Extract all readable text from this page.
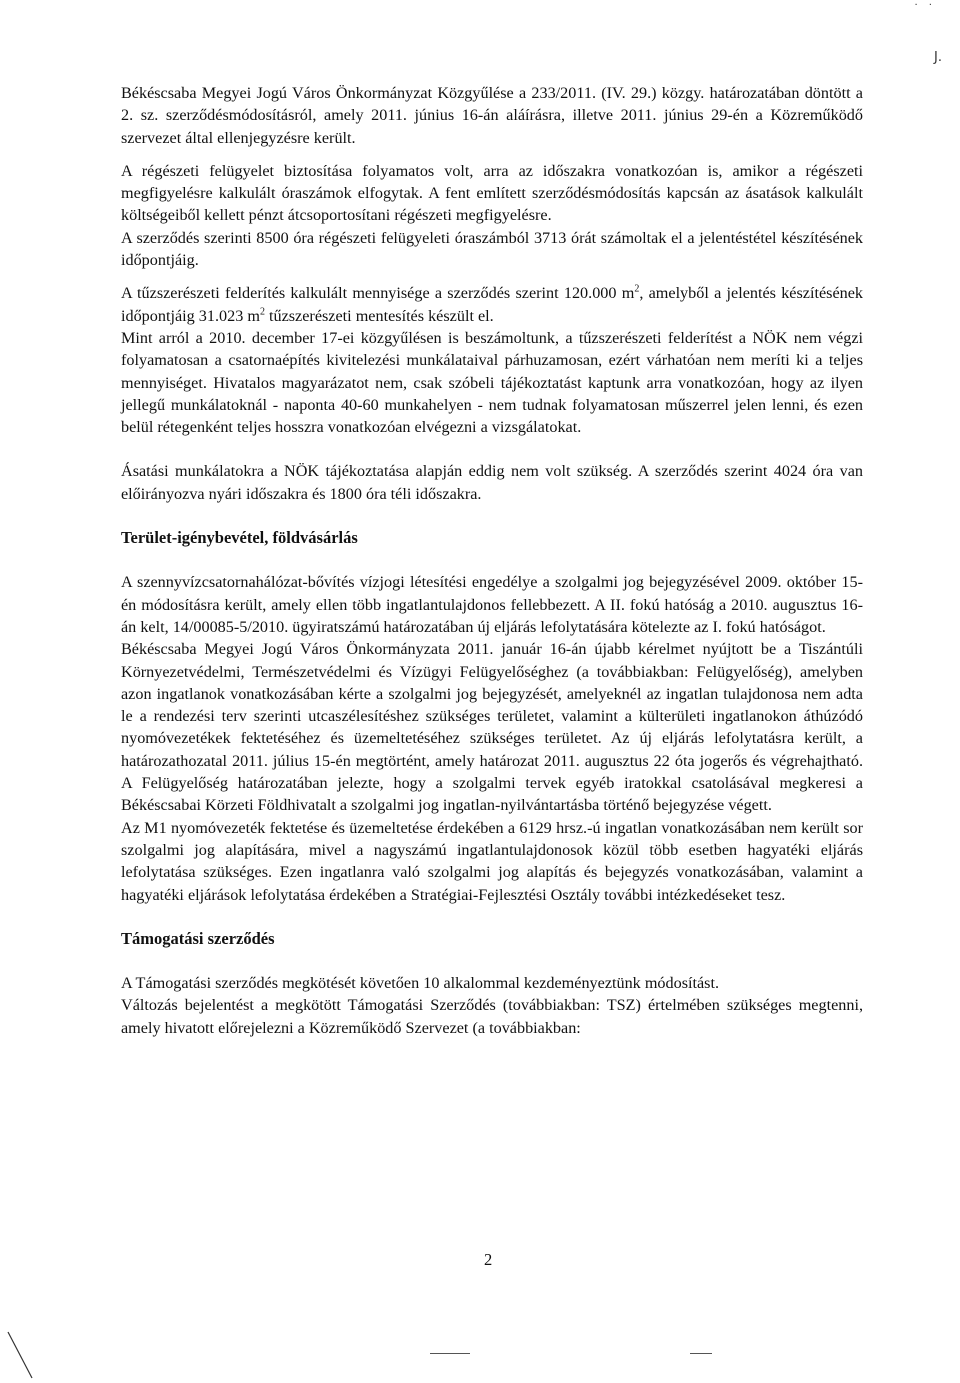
· ·
J.

Békéscsaba Megyei Jogú Város Önkormányzat Közgyűlése a 233/2011. (IV. 29.) közgy. határozatában döntött a 2. sz. szerződésmódosításról, amely 2011. június 16-án aláírásra, illetve 2011. június 29-én a Közreműködő szervezet által ellenjegyzésre került.

A régészeti felügyelet biztosítása folyamatos volt, arra az időszakra vonatkozóan is, amikor a régészeti megfigyelésre kalkulált óraszámok elfogytak. A fent említett szerződésmódosítás kapcsán az ásatások kalkulált költségeiből kellett pénzt átcsoportosítani régészeti megfigyelésre.

A szerződés szerinti 8500 óra régészeti felügyeleti óraszámból 3713 órát számoltak el a jelentéstétel készítésének időpontjáig.

A tűzszerészeti felderítés kalkulált mennyisége a szerződés szerint 120.000 $m^2$, amelyből a jelentés készítésének időpontjáig 31.023 $m^2$ tűzszerészeti mentesítés készült el.

Mint arról a 2010. december 17-ei közgyűlésen is beszámoltunk, a tűzszerészeti felderítést a NÖK nem végzi folyamatosan a csatornaépítés kivitelezési munkálataival párhuzamosan, ezért várhatóan nem meríti ki a teljes mennyiséget. Hivatalos magyarázatot nem, csak szóbeli tájékoztatást kaptunk arra vonatkozóan, hogy az ilyen jellegű munkálatoknál - naponta 40-60 munkahelyen - nem tudnak folyamatosan műszerrel jelen lenni, és ezen belül rétegenként teljes hosszra vonatkozóan elvégezni a vizsgálatokat.

Ásatási munkálatokra a NÖK tájékoztatása alapján eddig nem volt szükség. A szerződés szerint 4024 óra van előirányozva nyári időszakra és 1800 óra téli időszakra.

Terület-igénybevétel, földvásárlás

A szennyvízcsatornahálózat-bővítés vízjogi létesítési engedélye a szolgalmi jog bejegyzésével 2009. október 15-én módosításra került, amely ellen több ingatlantulajdonos fellebbezett. A II. fokú hatóság a 2010. augusztus 16-án kelt, 14/00085-5/2010. ügyiratszámú határozatában új eljárás lefolytatására kötelezte az I. fokú hatóságot.

Békéscsaba Megyei Jogú Város Önkormányzata 2011. január 16-án újabb kérelmet nyújtott be a Tiszántúli Környezetvédelmi, Természetvédelmi és Vízügyi Felügyelőséghez (a továbbiakban: Felügyelőség), amelyben azon ingatlanok vonatkozásában kérte a szolgalmi jog bejegyzését, amelyeknél az ingatlan tulajdonosa nem adta le a rendezési terv szerinti utcaszélesítéshez szükséges területet, valamint a külterületi ingatlanokon áthúzódó nyomóvezetékek fektetéséhez és üzemeltetéséhez szükséges területet. Az új eljárás lefolytatásra került, a határozathozatal 2011. július 15-én megtörtént, amely határozat 2011. augusztus 22 óta jogerős és végrehajtható. A Felügyelőség határozatában jelezte, hogy a szolgalmi tervek egyéb iratokkal csatolásával megkeresi a Békéscsabai Körzeti Földhivatalt a szolgalmi jog ingatlan-nyilvántartásba történő bejegyzése végett.

Az M1 nyomóvezeték fektetése és üzemeltetése érdekében a 6129 hrsz.-ú ingatlan vonatkozásában nem került sor szolgalmi jog alapítására, mivel a nagyszámú ingatlantulajdonosok közül több esetben hagyatéki eljárás lefolytatása szükséges. Ezen ingatlanra való szolgalmi jog alapítás és bejegyzés vonatkozásában, valamint a hagyatéki eljárások lefolytatása érdekében a Stratégiai-Fejlesztési Osztály további intézkedéseket tesz.

Támogatási szerződés

A Támogatási szerződés megkötését követően 10 alkalommal kezdeményeztünk módosítást.

Változás bejelentést a megkötött Támogatási Szerződés (továbbiakban: TSZ) értelmében szükséges megtenni, amely hivatott előrejelezni a Közreműködő Szervezet (a továbbiakban:

2
